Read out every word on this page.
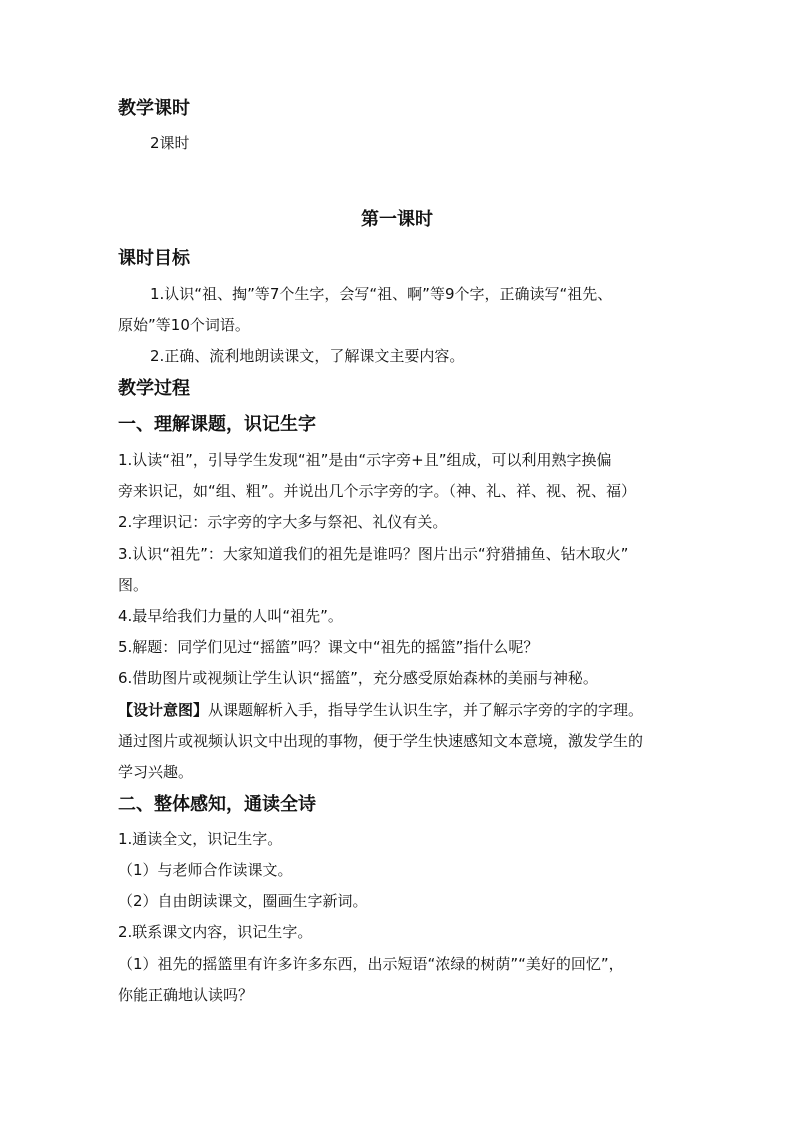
教学课时
2课时
第一课时
课时目标
1.认识“祖、掏”等7个生字，会写“祖、啊”等9个字，正确读写“祖先、
原始”等10个词语。
2.正确、流利地朗读课文，了解课文主要内容。
教学过程
一、理解课题，识记生字
1.认读“祖”，引导学生发现“祖”是由“示字旁+且”组成，可以利用熟字换偏
旁来识记，如“组、粗”。并说出几个示字旁的字。（神、礼、祥、视、祝、福）
2.字理识记：示字旁的字大多与祭祀、礼仪有关。
3.认识“祖先”：大家知道我们的祖先是谁吗？图片出示“狩猎捕鱼、钻木取火”
图。
4.最早给我们力量的人叫“祖先”。
5.解题：同学们见过“摇篮”吗？课文中“祖先的摇篮”指什么呢？
6.借助图片或视频让学生认识“摇篮”，充分感受原始森林的美丽与神秘。
【设计意图】从课题解析入手，指导学生认识生字，并了解示字旁的字的字理。
通过图片或视频认识文中出现的事物，便于学生快速感知文本意境，激发学生的
学习兴趣。
二、整体感知，通读全诗
1.通读全文，识记生字。
（1）与老师合作读课文。
（2）自由朗读课文，圈画生字新词。
2.联系课文内容，识记生字。
（1）祖先的摇篮里有许多许多东西，出示短语“浓绿的树荫”“美好的回忆”，
你能正确地认读吗？
